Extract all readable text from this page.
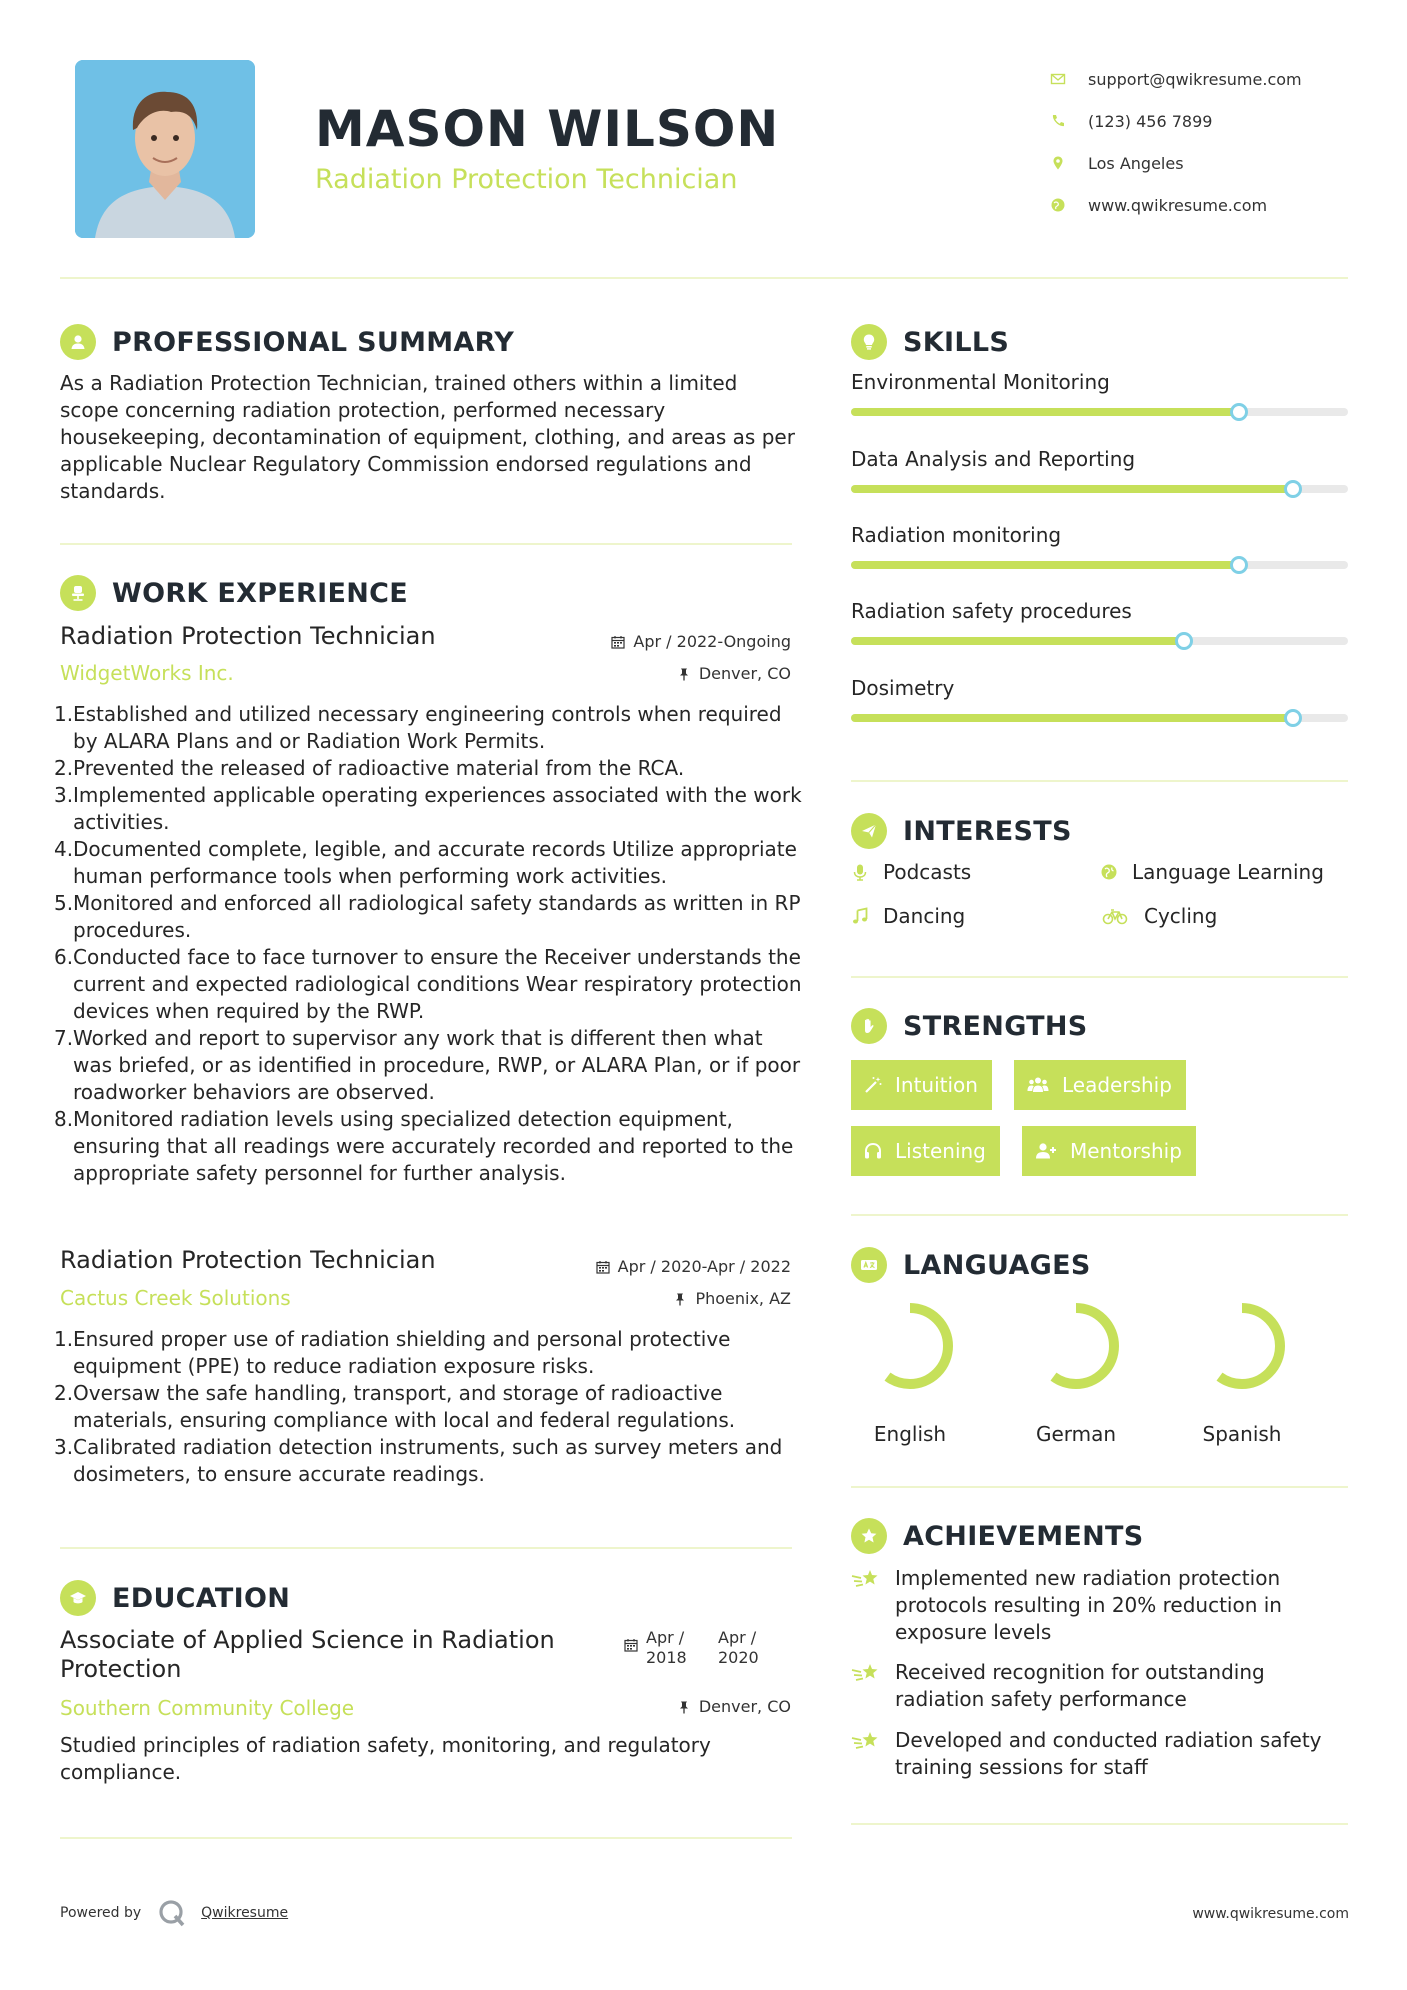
MASON WILSON
Radiation Protection Technician
support@qwikresume.com
(123) 456 7899
Los Angeles
www.qwikresume.com
PROFESSIONAL SUMMARY
As a Radiation Protection Technician, trained others within a limited scope concerning radiation protection, performed necessary housekeeping, decontamination of equipment, clothing, and areas as per applicable Nuclear Regulatory Commission endorsed regulations and standards.
WORK EXPERIENCE
Radiation Protection Technician	Apr / 2022-Ongoing
WidgetWorks Inc.	Denver, CO
1. Established and utilized necessary engineering controls when required by ALARA Plans and or Radiation Work Permits.
2. Prevented the released of radioactive material from the RCA.
3. Implemented applicable operating experiences associated with the work activities.
4. Documented complete, legible, and accurate records Utilize appropriate human performance tools when performing work activities.
5. Monitored and enforced all radiological safety standards as written in RP procedures.
6. Conducted face to face turnover to ensure the Receiver understands the current and expected radiological conditions Wear respiratory protection devices when required by the RWP.
7. Worked and report to supervisor any work that is different then what was briefed, or as identified in procedure, RWP, or ALARA Plan, or if poor roadworker behaviors are observed.
8. Monitored radiation levels using specialized detection equipment, ensuring that all readings were accurately recorded and reported to the appropriate safety personnel for further analysis.
Radiation Protection Technician	Apr / 2020-Apr / 2022
Cactus Creek Solutions	Phoenix, AZ
1. Ensured proper use of radiation shielding and personal protective equipment (PPE) to reduce radiation exposure risks.
2. Oversaw the safe handling, transport, and storage of radioactive materials, ensuring compliance with local and federal regulations.
3. Calibrated radiation detection instruments, such as survey meters and dosimeters, to ensure accurate readings.
EDUCATION
Associate of Applied Science in Radiation Protection
Apr / 2018
Apr / 2020
Southern Community College	Denver, CO
Studied principles of radiation safety, monitoring, and regulatory compliance.
SKILLS
Environmental Monitoring
Data Analysis and Reporting
Radiation monitoring
Radiation safety procedures
Dosimetry
INTERESTS
Podcasts	Language Learning
Dancing	Cycling
STRENGTHS
Intuition	Leadership
Listening	Mentorship
LANGUAGES
English	German	Spanish
ACHIEVEMENTS
Implemented new radiation protection protocols resulting in 20% reduction in exposure levels
Received recognition for outstanding radiation safety performance
Developed and conducted radiation safety training sessions for staff
Powered by	Qwikresume	www.qwikresume.com
